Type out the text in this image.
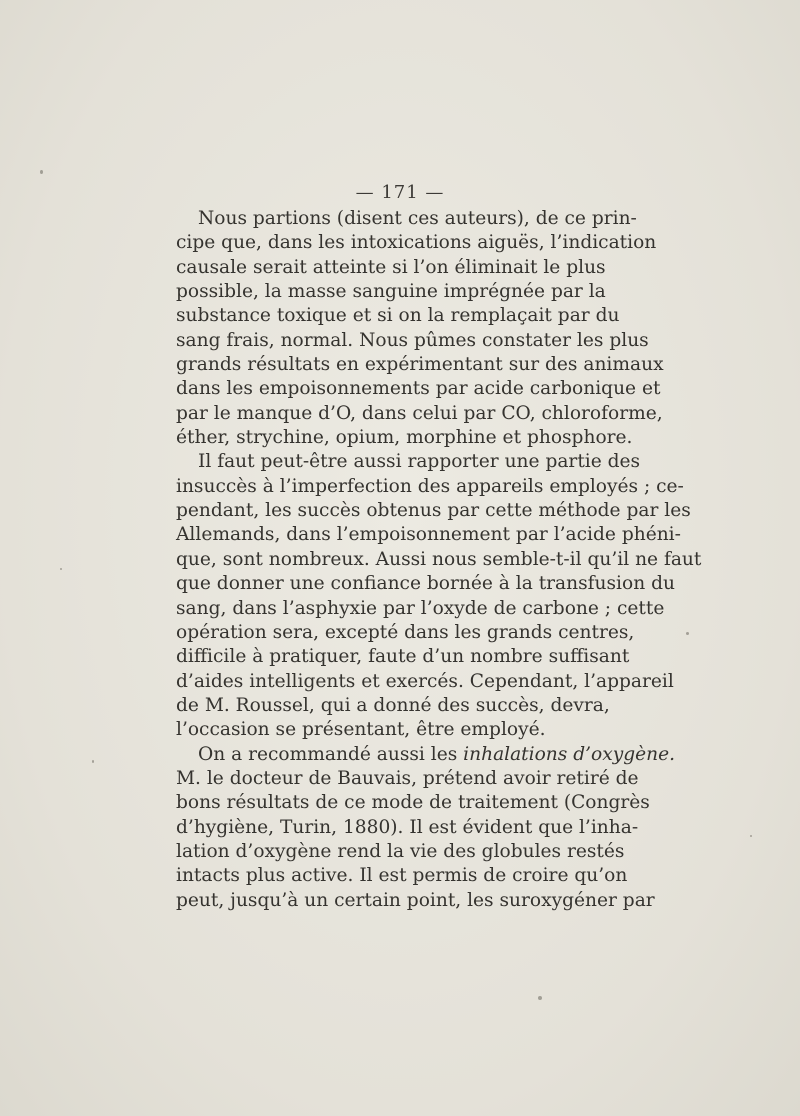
— 171 —
Nous partions (disent ces auteurs), de ce prin-
cipe que, dans les intoxications aiguës, l’indication
causale serait atteinte si l’on éliminait le plus
possible, la masse sanguine imprégnée par la
substance toxique et si on la remplaçait par du
sang frais, normal. Nous pûmes constater les plus
grands résultats en expérimentant sur des animaux
dans les empoisonnements par acide carbonique et
par le manque d’O, dans celui par CO, chloroforme,
éther, strychine, opium, morphine et phosphore.
Il faut peut-être aussi rapporter une partie des
insuccès à l’imperfection des appareils employés ; ce-
pendant, les succès obtenus par cette méthode par les
Allemands, dans l’empoisonnement par l’acide phéni-
que, sont nombreux. Aussi nous semble-t-il qu’il ne faut
que donner une confiance bornée à la transfusion du
sang, dans l’asphyxie par l’oxyde de carbone ; cette
opération sera, excepté dans les grands centres,
difficile à pratiquer, faute d’un nombre suffisant
d’aides intelligents et exercés. Cependant, l’appareil
de M. Roussel, qui a donné des succès, devra,
l’occasion se présentant, être employé.
On a recommandé aussi les inhalations d’oxygène.
M. le docteur de Bauvais, prétend avoir retiré de
bons résultats de ce mode de traitement (Congrès
d’hygiène, Turin, 1880). Il est évident que l’inha-
lation d’oxygène rend la vie des globules restés
intacts plus active. Il est permis de croire qu’on
peut, jusqu’à un certain point, les suroxygéner par
